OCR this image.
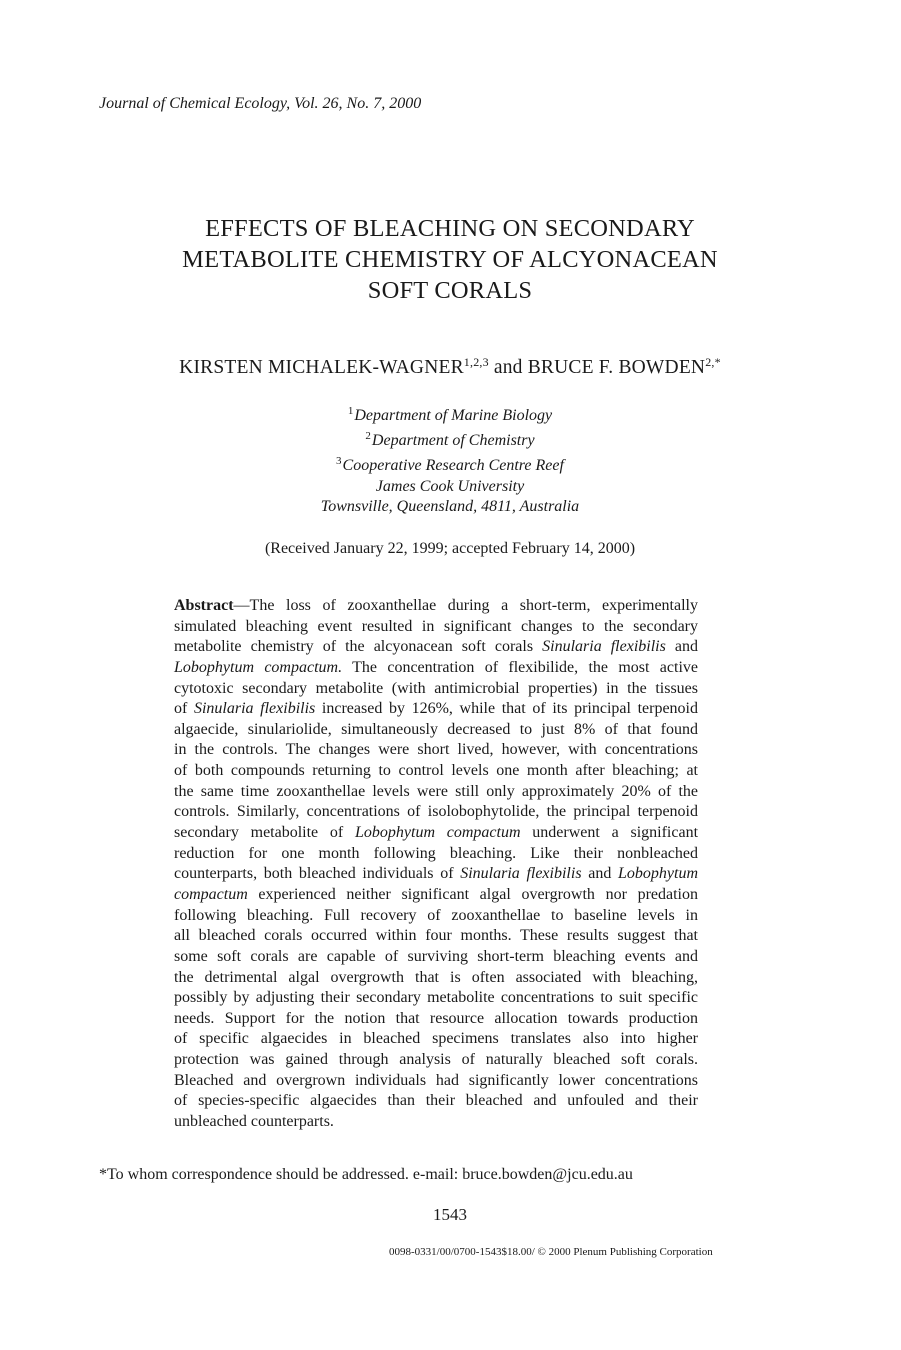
Journal of Chemical Ecology, Vol. 26, No. 7, 2000
EFFECTS OF BLEACHING ON SECONDARY
METABOLITE CHEMISTRY OF ALCYONACEAN
SOFT CORALS
KIRSTEN MICHALEK-WAGNER$^{1,2,3}$ and BRUCE F. $BOWDEN^{2,*}$
$^1$Department of Marine Biology
$^2$Department of Chemistry
$^3$Cooperative Research Centre Reef
James Cook University
Townsville, Queensland, 4811, Australia
(Received January 22, 1999; accepted February 14, 2000)
Abstract—The loss of zooxanthellae during a short-term, experimentally
simulated bleaching event resulted in significant changes to the secondary
metabolite chemistry of the alcyonacean soft corals Sinularia flexibilis and
Lobophytum compactum. The concentration of flexibilide, the most active
cytotoxic secondary metabolite (with antimicrobial properties) in the tissues
of Sinularia flexibilis increased by 126%, while that of its principal terpenoid
algaecide, sinulariolide, simultaneously decreased to just 8% of that found
in the controls. The changes were short lived, however, with concentrations
of both compounds returning to control levels one month after bleaching; at
the same time zooxanthellae levels were still only approximately 20% of the
controls. Similarly, concentrations of isolobophytolide, the principal terpenoid
secondary metabolite of Lobophytum compactum underwent a significant
reduction for one month following bleaching. Like their nonbleached
counterparts, both bleached individuals of Sinularia flexibilis and Lobophytum
compactum experienced neither significant algal overgrowth nor predation
following bleaching. Full recovery of zooxanthellae to baseline levels in
all bleached corals occurred within four months. These results suggest that
some soft corals are capable of surviving short-term bleaching events and
the detrimental algal overgrowth that is often associated with bleaching,
possibly by adjusting their secondary metabolite concentrations to suit specific
needs. Support for the notion that resource allocation towards production
of specific algaecides in bleached specimens translates also into higher
protection was gained through analysis of naturally bleached soft corals.
Bleached and overgrown individuals had significantly lower concentrations
of species-specific algaecides than their bleached and unfouled and their
unbleached counterparts.
*To whom correspondence should be addressed. e-mail: bruce.bowden@jcu.edu.au
1543
0098-0331/00/0700-1543$18.00/ © 2000 Plenum Publishing Corporation
